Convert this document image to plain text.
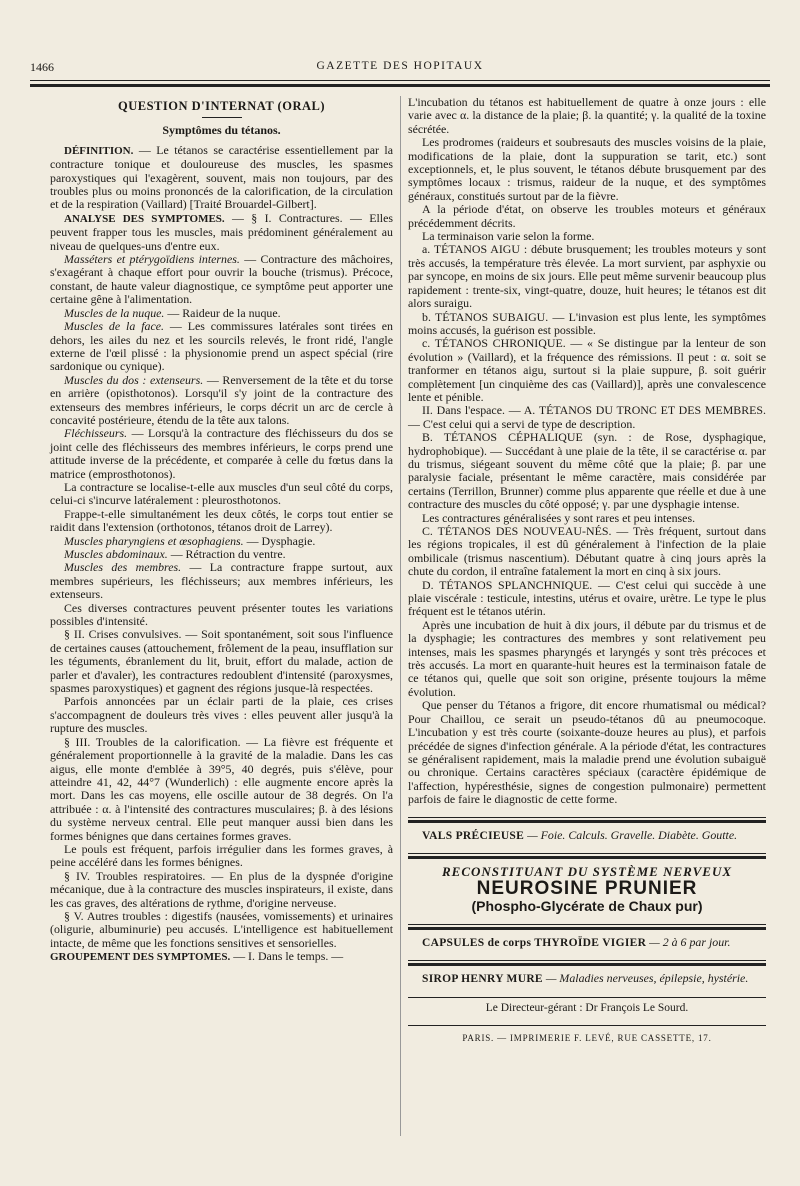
1466	GAZETTE DES HOPITAUX
QUESTION D'INTERNAT (ORAL)
Symptômes du tétanos.

DÉFINITION. — Le tétanos se caractérise essentiellement par la contracture tonique et douloureuse des muscles, les spasmes paroxystiques qui l'exagèrent, souvent, mais non toujours, par des troubles plus ou moins prononcés de la calorification, de la circulation et de la respiration (Vaillard) [Traité Brouardel-Gilbert].

ANALYSE DES SYMPTOMES. — § I. Contractures. — Elles peuvent frapper tous les muscles, mais prédominent généralement au niveau de quelques-uns d'entre eux.

Masséters et ptérygoïdiens internes. — Contracture des mâchoires, s'exagérant à chaque effort pour ouvrir la bouche (trismus). Précoce, constant, de haute valeur diagnostique, ce symptôme peut apporter une certaine gêne à l'alimentation.

Muscles de la nuque. — Raideur de la nuque.

Muscles de la face. — Les commissures latérales sont tirées en dehors, les ailes du nez et les sourcils relevés, le front ridé, l'angle externe de l'œil plissé : la physionomie prend un aspect spécial (rire sardonique ou cynique).

Muscles du dos : extenseurs. — Renversement de la tête et du torse en arrière (opisthotonos). Lorsqu'il s'y joint de la contracture des extenseurs des membres inférieurs, le corps décrit un arc de cercle à concavité postérieure, étendu de la tête aux talons.

Fléchisseurs. — Lorsqu'à la contracture des fléchisseurs du dos se joint celle des fléchisseurs des membres inférieurs, le corps prend une attitude inverse de la précédente, et comparée à celle du fœtus dans la matrice (emprosthotonos).

La contracture se localise-t-elle aux muscles d'un seul côté du corps, celui-ci s'incurve latéralement : pleurosthotonos.

Frappe-t-elle simultanément les deux côtés, le corps tout entier se raidit dans l'extension (orthotonos, tétanos droit de Larrey).

Muscles pharyngiens et œsophagiens. — Dysphagie.

Muscles abdominaux. — Rétraction du ventre.

Muscles des membres. — La contracture frappe surtout, aux membres supérieurs, les fléchisseurs; aux membres inférieurs, les extenseurs.

Ces diverses contractures peuvent présenter toutes les variations possibles d'intensité.

§ II. Crises convulsives. — Soit spontanément, soit sous l'influence de certaines causes (attouchement, frôlement de la peau, insufflation sur les téguments, ébranlement du lit, bruit, effort du malade, action de parler et d'avaler), les contractures redoublent d'intensité (paroxysmes, spasmes paroxystiques) et gagnent des régions jusque-là respectées.

Parfois annoncées par un éclair parti de la plaie, ces crises s'accompagnent de douleurs très vives : elles peuvent aller jusqu'à la rupture des muscles.

§ III. Troubles de la calorification. — La fièvre est fréquente et généralement proportionnelle à la gravité de la maladie. Dans les cas aigus, elle monte d'emblée à 39°5, 40 degrés, puis s'élève, pour atteindre 41, 42, 44°7 (Wunderlich) : elle augmente encore après la mort. Dans les cas moyens, elle oscille autour de 38 degrés. On l'a attribuée : α. à l'intensité des contractures musculaires; β. à des lésions du système nerveux central. Elle peut manquer aussi bien dans les formes bénignes que dans certaines formes graves.

Le pouls est fréquent, parfois irrégulier dans les formes graves, à peine accéléré dans les formes bénignes.

§ IV. Troubles respiratoires. — En plus de la dyspnée d'origine mécanique, due à la contracture des muscles inspirateurs, il existe, dans les cas graves, des altérations de rythme, d'origine nerveuse.

§ V. Autres troubles : digestifs (nausées, vomissements) et urinaires (oligurie, albuminurie) peu accusés. L'intelligence est habituellement intacte, de même que les fonctions sensitives et sensorielles.

GROUPEMENT DES SYMPTOMES. — I. Dans le temps. —

L'incubation du tétanos est habituellement de quatre à onze jours : elle varie avec α. la distance de la plaie; β. la quantité; γ. la qualité de la toxine sécrétée.

Les prodromes (raideurs et soubresauts des muscles voisins de la plaie, modifications de la plaie, dont la suppuration se tarit, etc.) sont exceptionnels, et, le plus souvent, le tétanos débute brusquement par des symptômes locaux : trismus, raideur de la nuque, et des symptômes généraux, constitués surtout par de la fièvre.

A la période d'état, on observe les troubles moteurs et généraux précédemment décrits.

La terminaison varie selon la forme.

a. TÉTANOS AIGU : débute brusquement; les troubles moteurs y sont très accusés, la température très élevée. La mort survient, par asphyxie ou par syncope, en moins de six jours. Elle peut même survenir beaucoup plus rapidement : trente-six, vingt-quatre, douze, huit heures; le tétanos est dit alors suraigu.

b. TÉTANOS SUBAIGU. — L'invasion est plus lente, les symptômes moins accusés, la guérison est possible.

c. TÉTANOS CHRONIQUE. — « Se distingue par la lenteur de son évolution » (Vaillard), et la fréquence des rémissions. Il peut : α. soit se tranformer en tétanos aigu, surtout si la plaie suppure, β. soit guérir complètement [un cinquième des cas (Vaillard)], après une convalescence lente et pénible.

II. Dans l'espace. — A. TÉTANOS DU TRONC ET DES MEMBRES. — C'est celui qui a servi de type de description.

B. TÉTANOS CÉPHALIQUE (syn. : de Rose, dysphagique, hydrophobique). — Succédant à une plaie de la tête, il se caractérise α. par du trismus, siégeant souvent du même côté que la plaie; β. par une paralysie faciale, présentant le même caractère, mais considérée par certains (Terrillon, Brunner) comme plus apparente que réelle et due à une contracture des muscles du côté opposé; γ. par une dysphagie intense.

Les contractures généralisées y sont rares et peu intenses.

C. TÉTANOS DES NOUVEAU-NÉS. — Très fréquent, surtout dans les régions tropicales, il est dû généralement à l'infection de la plaie ombilicale (trismus nascentium). Débutant quatre à cinq jours après la chute du cordon, il entraîne fatalement la mort en cinq à six jours.

D. TÉTANOS SPLANCHNIQUE. — C'est celui qui succède à une plaie viscérale : testicule, intestins, utérus et ovaire, urètre. Le type le plus fréquent est le tétanos utérin.

Après une incubation de huit à dix jours, il débute par du trismus et de la dysphagie; les contractures des membres y sont relativement peu intenses, mais les spasmes pharyngés et laryngés y sont très précoces et très accusés. La mort en quarante-huit heures est la terminaison fatale de ce tétanos qui, quelle que soit son origine, présente toujours la même évolution.

Que penser du Tétanos a frigore, dit encore rhumatismal ou médical? Pour Chaillou, ce serait un pseudo-tétanos dû au pneumocoque. L'incubation y est très courte (soixante-douze heures au plus), et parfois précédée de signes d'infection générale. A la période d'état, les contractures se généralisent rapidement, mais la maladie prend une évolution subaiguë ou chronique. Certains caractères spéciaux (caractère épidémique de l'affection, hypéresthésie, signes de congestion pulmonaire) permettent parfois de faire le diagnostic de cette forme.

VALS PRÉCIEUSE — Foie. Calculs. Gravelle. Diabète. Goutte.

RECONSTITUANT DU SYSTÈME NERVEUX
NEUROSINE PRUNIER
(Phospho-Glycérate de Chaux pur)

CAPSULES de corps THYROÏDE VIGIER — 2 à 6 par jour.

SIROP HENRY MURE — Maladies nerveuses, épilepsie, hystérie.

Le Directeur-gérant : Dr François Le Sourd.
PARIS. — IMPRIMERIE F. LEVÉ, RUE CASSETTE, 17.
